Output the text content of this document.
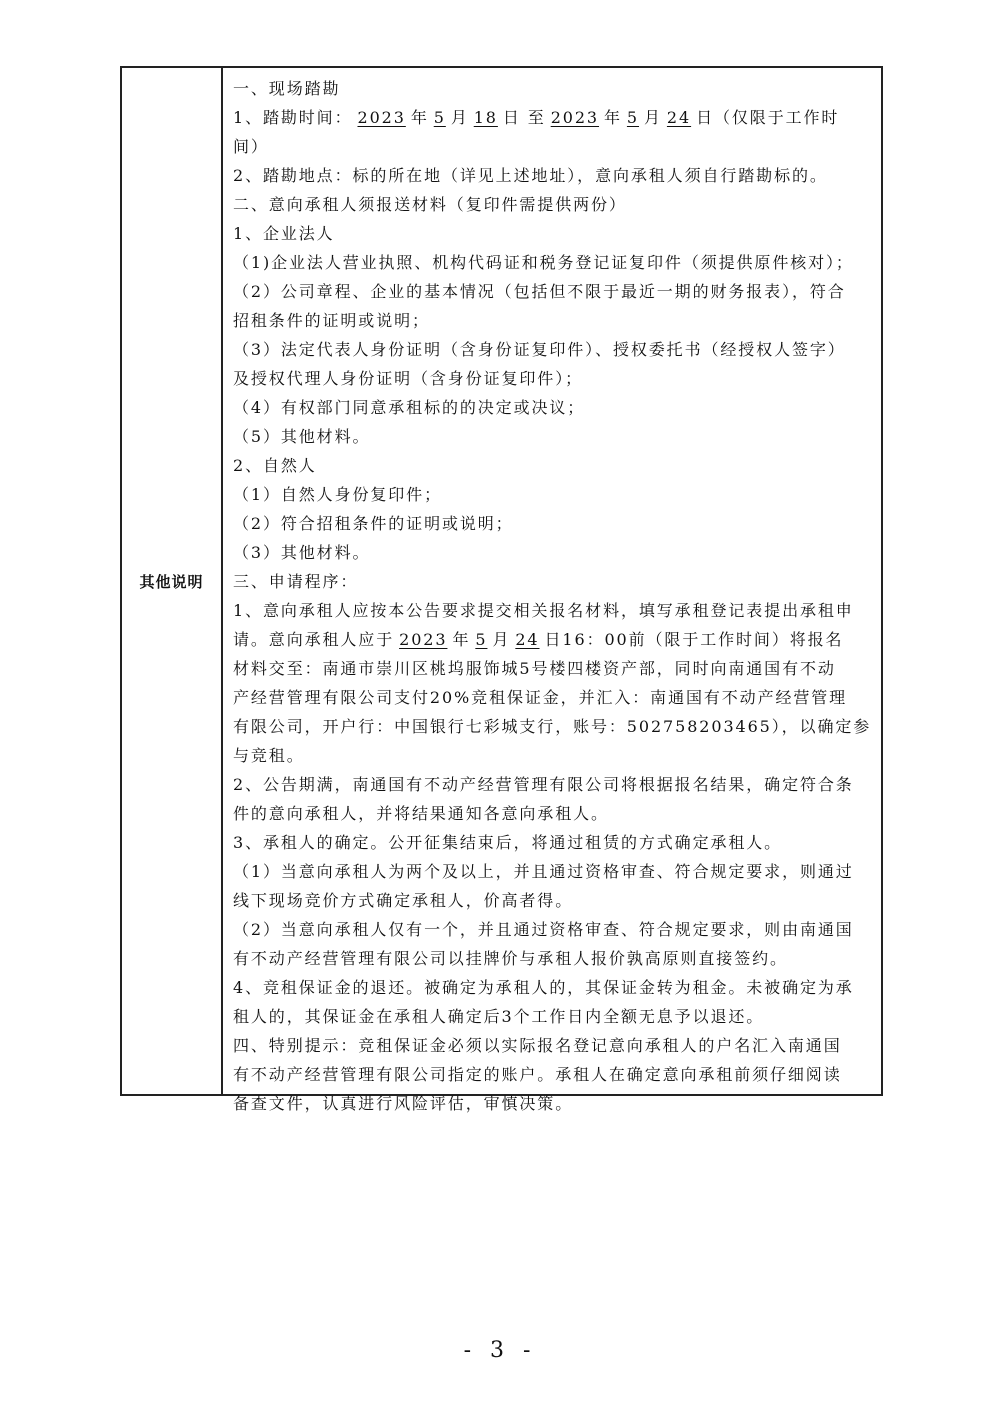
其他说明
一、现场踏勘
1、踏勘时间： 2023 年 5 月 18 日 至 2023 年 5 月 24 日（仅限于工作时
间）
2、踏勘地点：标的所在地（详见上述地址），意向承租人须自行踏勘标的。
二、意向承租人须报送材料（复印件需提供两份）
1、企业法人
（1)企业法人营业执照、机构代码证和税务登记证复印件（须提供原件核对）；
（2）公司章程、企业的基本情况（包括但不限于最近一期的财务报表），符合
招租条件的证明或说明；
（3）法定代表人身份证明（含身份证复印件）、授权委托书（经授权人签字）
及授权代理人身份证明（含身份证复印件）；
（4）有权部门同意承租标的的决定或决议；
（5）其他材料。
2、自然人
（1）自然人身份复印件；
（2）符合招租条件的证明或说明；
（3）其他材料。
三、申请程序：
1、意向承租人应按本公告要求提交相关报名材料，填写承租登记表提出承租申
请。意向承租人应于 2023 年 5 月 24 日16：00前（限于工作时间）将报名
材料交至：南通市崇川区桃坞服饰城5号楼四楼资产部，同时向南通国有不动
产经营管理有限公司支付20%竞租保证金，并汇入：南通国有不动产经营管理
有限公司，开户行：中国银行七彩城支行，账号：502758203465），以确定参
与竞租。
2、公告期满，南通国有不动产经营管理有限公司将根据报名结果，确定符合条
件的意向承租人，并将结果通知各意向承租人。
3、承租人的确定。公开征集结束后，将通过租赁的方式确定承租人。
（1）当意向承租人为两个及以上，并且通过资格审查、符合规定要求，则通过
线下现场竞价方式确定承租人，价高者得。
（2）当意向承租人仅有一个，并且通过资格审查、符合规定要求，则由南通国
有不动产经营管理有限公司以挂牌价与承租人报价孰高原则直接签约。
4、竞租保证金的退还。被确定为承租人的，其保证金转为租金。未被确定为承
租人的，其保证金在承租人确定后3个工作日内全额无息予以退还。
四、特别提示：竞租保证金必须以实际报名登记意向承租人的户名汇入南通国
有不动产经营管理有限公司指定的账户。承租人在确定意向承租前须仔细阅读
备查文件，认真进行风险评估，审慎决策。
- 3 -
